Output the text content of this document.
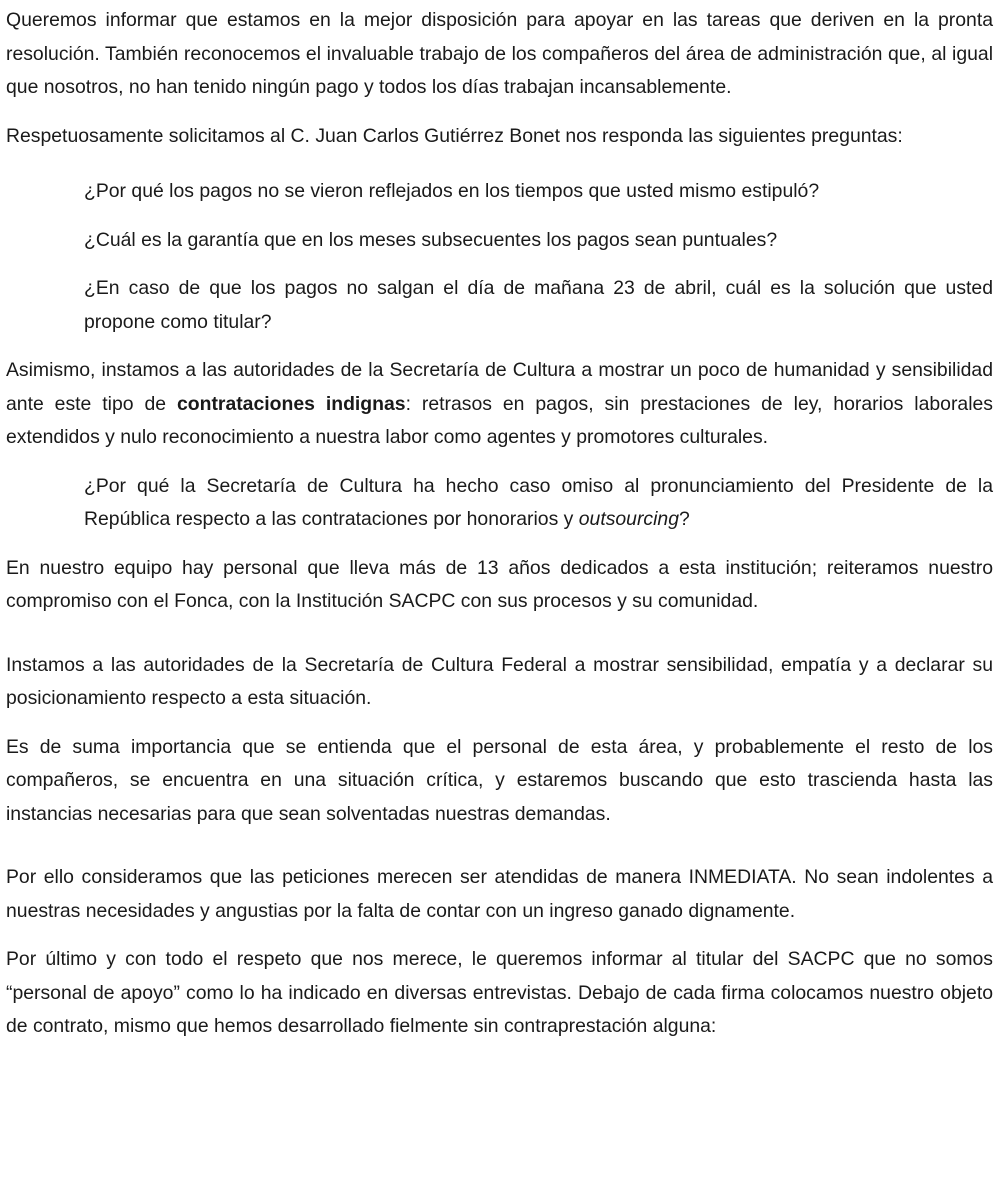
Queremos informar que estamos en la mejor disposición para apoyar en las tareas que deriven en la pronta resolución. También reconocemos el invaluable trabajo de los compañeros del área de administración que, al igual que nosotros, no han tenido ningún pago y todos los días trabajan incansablemente.

Respetuosamente solicitamos al C. Juan Carlos Gutiérrez Bonet nos responda las siguientes preguntas:

¿Por qué los pagos no se vieron reflejados en los tiempos que usted mismo estipuló?

¿Cuál es la garantía que en los meses subsecuentes los pagos sean puntuales?

¿En caso de que los pagos no salgan el día de mañana 23 de abril, cuál es la solución que usted propone como titular?

Asimismo, instamos a las autoridades de la Secretaría de Cultura a mostrar un poco de humanidad y sensibilidad ante este tipo de contrataciones indignas: retrasos en pagos, sin prestaciones de ley, horarios laborales extendidos y nulo reconocimiento a nuestra labor como agentes y promotores culturales.

¿Por qué la Secretaría de Cultura ha hecho caso omiso al pronunciamiento del Presidente de la República respecto a las contrataciones por honorarios y outsourcing?

En nuestro equipo hay personal que lleva más de 13 años dedicados a esta institución; reiteramos nuestro compromiso con el Fonca, con la Institución SACPC con sus procesos y su comunidad.

Instamos a las autoridades de la Secretaría de Cultura Federal a mostrar sensibilidad, empatía y a declarar su posicionamiento respecto a esta situación.

Es de suma importancia que se entienda que el personal de esta área, y probablemente el resto de los compañeros, se encuentra en una situación crítica, y estaremos buscando que esto trascienda hasta las instancias necesarias para que sean solventadas nuestras demandas.

Por ello consideramos que las peticiones merecen ser atendidas de manera INMEDIATA. No sean indolentes a nuestras necesidades y angustias por la falta de contar con un ingreso ganado dignamente.

Por último y con todo el respeto que nos merece, le queremos informar al titular del SACPC que no somos “personal de apoyo” como lo ha indicado en diversas entrevistas. Debajo de cada firma colocamos nuestro objeto de contrato, mismo que hemos desarrollado fielmente sin contraprestación alguna:
